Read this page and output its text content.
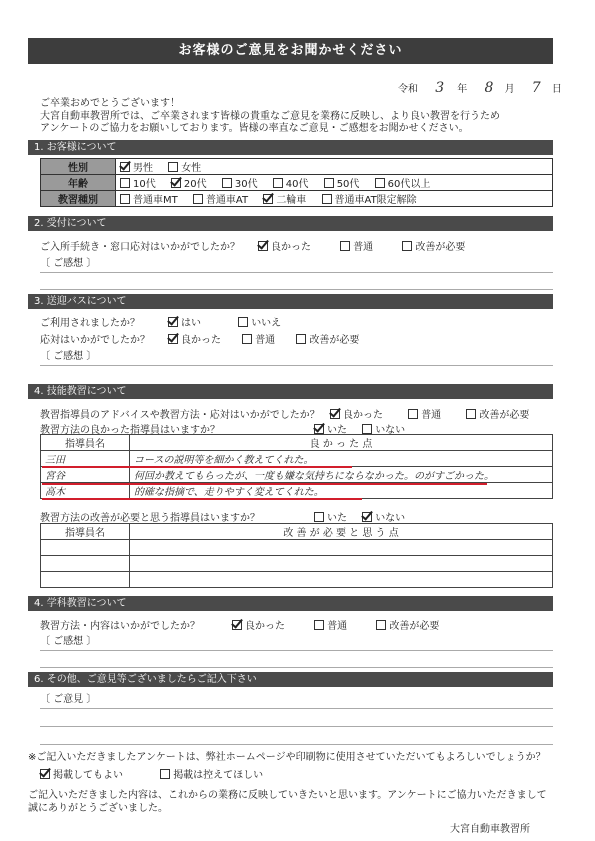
お客様のご意見をお聞かせください
令和 3 年 8 月 7 日
ご卒業おめでとうございます！
大宮自動車教習所では、ご卒業されます皆様の貴重なご意見を業務に反映し、より良い教習を行うため
アンケートのご協力をお願いしております。皆様の率直なご意見・ご感想をお聞かせください。
1. お客様について
性別	男性 女性
年齢	10代 20代 30代 40代 50代 60代以上
教習種別	普通車MT 普通車AT 二輪車 普通車AT限定解除
2. 受付について
ご入所手続き・窓口応対はいかがでしたか？	良かった	普通	改善が必要
〔 ご感想 〕
3. 送迎バスについて
ご利用されましたか？	はい	いいえ
応対はいかがでしたか？	良かった	普通	改善が必要
〔 ご感想 〕
4. 技能教習について
教習指導員のアドバイスや教習方法・応対はいかがでしたか？	良かった	普通	改善が必要
教習方法の良かった指導員はいますか？	いた	いない
指導員名	良 か っ た 点
三田	コースの説明等を細かく教えてくれた。
宮谷	何回か教えてもらったが、一度も嫌な気持ちにならなかった。のがすごかった。
高木	的確な指摘で、走りやすく変えてくれた。
教習方法の改善が必要と思う指導員はいますか？	いた	いない
指導員名	改 善 が 必 要 と 思 う 点

4. 学科教習について
教習方法・内容はいかがでしたか？	良かった	普通	改善が必要
〔 ご感想 〕
6. その他、ご意見等ございましたらご記入下さい
〔 ご意見 〕
※ご記入いただきましたアンケートは、弊社ホームページや印刷物に使用させていただいてもよろしいでしょうか？
掲載してもよい	掲載は控えてほしい
ご記入いただきました内容は、これからの業務に反映していきたいと思います。アンケートにご協力いただきまして
誠にありがとうございました。
大宮自動車教習所
